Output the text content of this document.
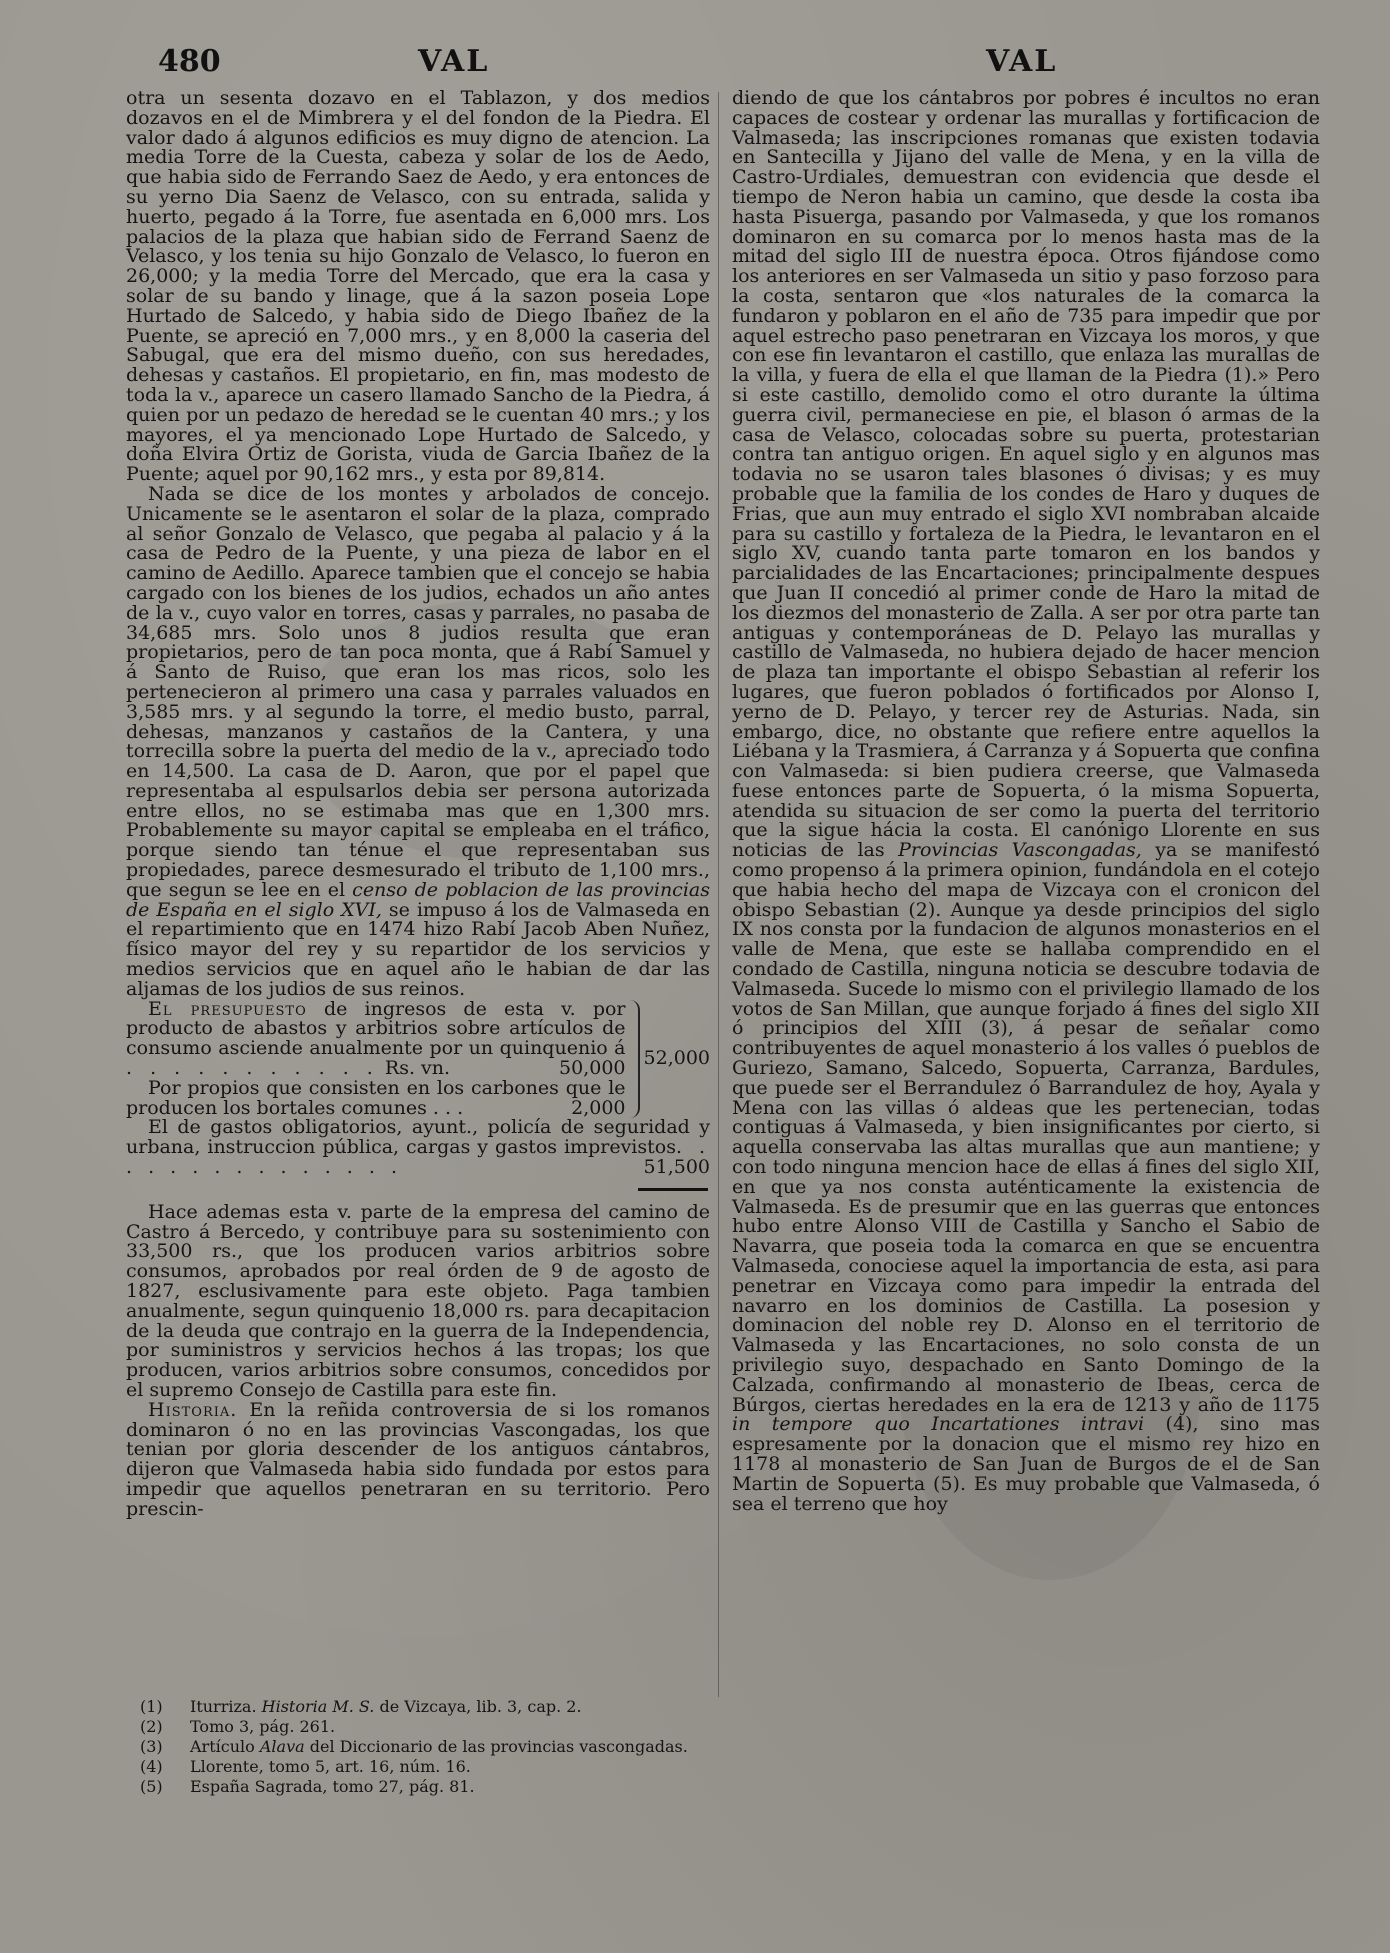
480	VAL	VAL

otra un sesenta dozavo en el Tablazon, y dos medios dozavos en el de Mimbrera y el del fondon de la Piedra. El valor dado á algunos edificios es muy digno de atencion. La media Torre de la Cuesta, cabeza y solar de los de Aedo, que habia sido de Ferrando Saez de Aedo, y era entonces de su yerno Dia Saenz de Velasco, con su entrada, salida y huerto, pegado á la Torre, fue asentada en 6,000 mrs. Los palacios de la plaza que habian sido de Ferrand Saenz de Velasco, y los tenia su hijo Gonzalo de Velasco, lo fueron en 26,000; y la media Torre del Mercado, que era la casa y solar de su bando y linage, que á la sazon poseia Lope Hurtado de Salcedo, y habia sido de Diego Ibañez de la Puente, se apreció en 7,000 mrs., y en 8,000 la caseria del Sabugal, que era del mismo dueño, con sus heredades, dehesas y castaños. El propietario, en fin, mas modesto de toda la v., aparece un casero llamado Sancho de la Piedra, á quien por un pedazo de heredad se le cuentan 40 mrs.; y los mayores, el ya mencionado Lope Hurtado de Salcedo, y doña Elvira Ortiz de Gorista, viuda de Garcia Ibañez de la Puente; aquel por 90,162 mrs., y esta por 89,814.

Nada se dice de los montes y arbolados de concejo. Unicamente se le asentaron el solar de la plaza, comprado al señor Gonzalo de Velasco, que pegaba al palacio y á la casa de Pedro de la Puente, y una pieza de labor en el camino de Aedillo. Aparece tambien que el concejo se habia cargado con los bienes de los judios, echados un año antes de la v., cuyo valor en torres, casas y parrales, no pasaba de 34,685 mrs. Solo unos 8 judios resulta que eran propietarios, pero de tan poca monta, que á Rabí Samuel y á Santo de Ruiso, que eran los mas ricos, solo les pertenecieron al primero una casa y parrales valuados en 3,585 mrs. y al segundo la torre, el medio busto, parral, dehesas, manzanos y castaños de la Cantera, y una torrecilla sobre la puerta del medio de la v., apreciado todo en 14,500. La casa de D. Aaron, que por el papel que representaba al espulsarlos debia ser persona autorizada entre ellos, no se estimaba mas que en 1,300 mrs. Probablemente su mayor capital se empleaba en el tráfico, porque siendo tan ténue el que representaban sus propiedades, parece desmesurado el tributo de 1,100 mrs., que segun se lee en el censo de poblacion de las provincias de España en el siglo XVI, se impuso á los de Valmaseda en el repartimiento que en 1474 hizo Rabí Jacob Aben Nuñez, físico mayor del rey y su repartidor de los servicios y medios servicios que en aquel año le habian de dar las aljamas de los judios de sus reinos.

El presupuesto de ingresos de esta v. por producto de abastos y arbitrios sobre artículos de consumo asciende anualmente por un quinquenio á . . . . . . . . . . . Rs. vn.	50,000

Por propios que consisten en los carbones que le producen los bortales comunes . . .	2,000

52,000

El de gastos obligatorios, ayunt., policía de seguridad y urbana, instruccion pública, cargas y gastos imprevistos. . . . . . . . . . . . . . .	51,500

Hace ademas esta v. parte de la empresa del camino de Castro á Bercedo, y contribuye para su sostenimiento con 33,500 rs., que los producen varios arbitrios sobre consumos, aprobados por real órden de 9 de agosto de 1827, esclusivamente para este objeto. Paga tambien anualmente, segun quinquenio 18,000 rs. para decapitacion de la deuda que contrajo en la guerra de la Independencia, por suministros y servicios hechos á las tropas; los que producen, varios arbitrios sobre consumos, concedidos por el supremo Consejo de Castilla para este fin.

Historia. En la reñida controversia de si los romanos dominaron ó no en las provincias Vascongadas, los que tenian por gloria descender de los antiguos cántabros, dijeron que Valmaseda habia sido fundada por estos para impedir que aquellos penetraran en su territorio. Pero prescin-

diendo de que los cántabros por pobres é incultos no eran capaces de costear y ordenar las murallas y fortificacion de Valmaseda; las inscripciones romanas que existen todavia en Santecilla y Jijano del valle de Mena, y en la villa de Castro-Urdiales, demuestran con evidencia que desde el tiempo de Neron habia un camino, que desde la costa iba hasta Pisuerga, pasando por Valmaseda, y que los romanos dominaron en su comarca por lo menos hasta mas de la mitad del siglo III de nuestra época. Otros fijándose como los anteriores en ser Valmaseda un sitio y paso forzoso para la costa, sentaron que «los naturales de la comarca la fundaron y poblaron en el año de 735 para impedir que por aquel estrecho paso penetraran en Vizcaya los moros, y que con ese fin levantaron el castillo, que enlaza las murallas de la villa, y fuera de ella el que llaman de la Piedra (1).» Pero si este castillo, demolido como el otro durante la última guerra civil, permaneciese en pie, el blason ó armas de la casa de Velasco, colocadas sobre su puerta, protestarian contra tan antiguo origen. En aquel siglo y en algunos mas todavia no se usaron tales blasones ó divisas; y es muy probable que la familia de los condes de Haro y duques de Frias, que aun muy entrado el siglo XVI nombraban alcaide para su castillo y fortaleza de la Piedra, le levantaron en el siglo XV, cuando tanta parte tomaron en los bandos y parcialidades de las Encartaciones; principalmente despues que Juan II concedió al primer conde de Haro la mitad de los diezmos del monasterio de Zalla. A ser por otra parte tan antiguas y contemporáneas de D. Pelayo las murallas y castillo de Valmaseda, no hubiera dejado de hacer mencion de plaza tan importante el obispo Sebastian al referir los lugares, que fueron poblados ó fortificados por Alonso I, yerno de D. Pelayo, y tercer rey de Asturias. Nada, sin embargo, dice, no obstante que refiere entre aquellos la Liébana y la Trasmiera, á Carranza y á Sopuerta que confina con Valmaseda: si bien pudiera creerse, que Valmaseda fuese entonces parte de Sopuerta, ó la misma Sopuerta, atendida su situacion de ser como la puerta del territorio que la sigue hácia la costa. El canónigo Llorente en sus noticias de las Provincias Vascongadas, ya se manifestó como propenso á la primera opinion, fundándola en el cotejo que habia hecho del mapa de Vizcaya con el cronicon del obispo Sebastian (2). Aunque ya desde principios del siglo IX nos consta por la fundacion de algunos monasterios en el valle de Mena, que este se hallaba comprendido en el condado de Castilla, ninguna noticia se descubre todavia de Valmaseda. Sucede lo mismo con el privilegio llamado de los votos de San Millan, que aunque forjado á fines del siglo XII ó principios del XIII (3), á pesar de señalar como contribuyentes de aquel monasterio á los valles ó pueblos de Guriezo, Samano, Salcedo, Sopuerta, Carranza, Bardules, que puede ser el Berrandulez ó Barrandulez de hoy, Ayala y Mena con las villas ó aldeas que les pertenecian, todas contiguas á Valmaseda, y bien insignificantes por cierto, si aquella conservaba las altas murallas que aun mantiene; y con todo ninguna mencion hace de ellas á fines del siglo XII, en que ya nos consta auténticamente la existencia de Valmaseda. Es de presumir que en las guerras que entonces hubo entre Alonso VIII de Castilla y Sancho el Sabio de Navarra, que poseia toda la comarca en que se encuentra Valmaseda, conociese aquel la importancia de esta, asi para penetrar en Vizcaya como para impedir la entrada del navarro en los dominios de Castilla. La posesion y dominacion del noble rey D. Alonso en el territorio de Valmaseda y las Encartaciones, no solo consta de un privilegio suyo, despachado en Santo Domingo de la Calzada, confirmando al monasterio de Ibeas, cerca de Búrgos, ciertas heredades en la era de 1213 y año de 1175 in tempore quo Incartationes intravi (4), sino mas espresamente por la donacion que el mismo rey hizo en 1178 al monasterio de San Juan de Burgos de el de San Martin de Sopuerta (5). Es muy probable que Valmaseda, ó sea el terreno que hoy

(1)	Iturriza. Historia M. S. de Vizcaya, lib. 3, cap. 2.
(2)	Tomo 3, pág. 261.
(3)	Artículo Alava del Diccionario de las provincias vascongadas.
(4)	Llorente, tomo 5, art. 16, núm. 16.
(5)	España Sagrada, tomo 27, pág. 81.
